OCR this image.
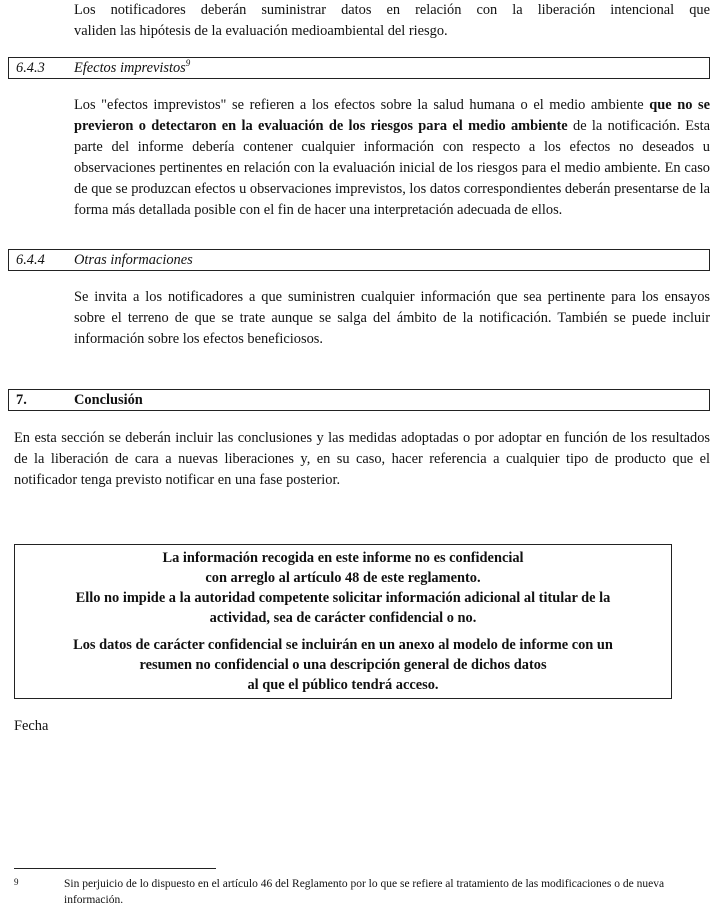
Los notificadores deberán suministrar datos en relación con la liberación intencional que
validen las hipótesis de la evaluación medioambiental del riesgo.

6.4.3 Efectos imprevistos$^9$

Los "efectos imprevistos" se refieren a los efectos sobre la salud humana o el medio ambiente que no se previeron o detectaron en la evaluación de los riesgos para el medio ambiente de la notificación. Esta parte del informe debería contener cualquier información con respecto a los efectos no deseados u observaciones pertinentes en relación con la evaluación inicial de los riesgos para el medio ambiente. En caso de que se produzcan efectos u observaciones imprevistos, los datos correspondientes deberán presentarse de la forma más detallada posible con el fin de hacer una interpretación adecuada de ellos.

6.4.4 Otras informaciones

Se invita a los notificadores a que suministren cualquier información que sea pertinente para los ensayos sobre el terreno de que se trate aunque se salga del ámbito de la notificación. También se puede incluir información sobre los efectos beneficiosos.

7.	Conclusión

En esta sección se deberán incluir las conclusiones y las medidas adoptadas o por adoptar en función de los resultados de la liberación de cara a nuevas liberaciones y, en su caso, hacer referencia a cualquier tipo de producto que el notificador tenga previsto notificar en una fase posterior.

La información recogida en este informe no es confidencial
con arreglo al artículo 48 de este reglamento.
Ello no impide a la autoridad competente solicitar información adicional al titular de la
actividad, sea de carácter confidencial o no.

Los datos de carácter confidencial se incluirán en un anexo al modelo de informe con un
resumen no confidencial o una descripción general de dichos datos
al que el público tendrá acceso.

Fecha
9	Sin perjuicio de lo dispuesto en el artículo 46 del Reglamento por lo que se refiere al tratamiento de las modificaciones o de nueva información.
